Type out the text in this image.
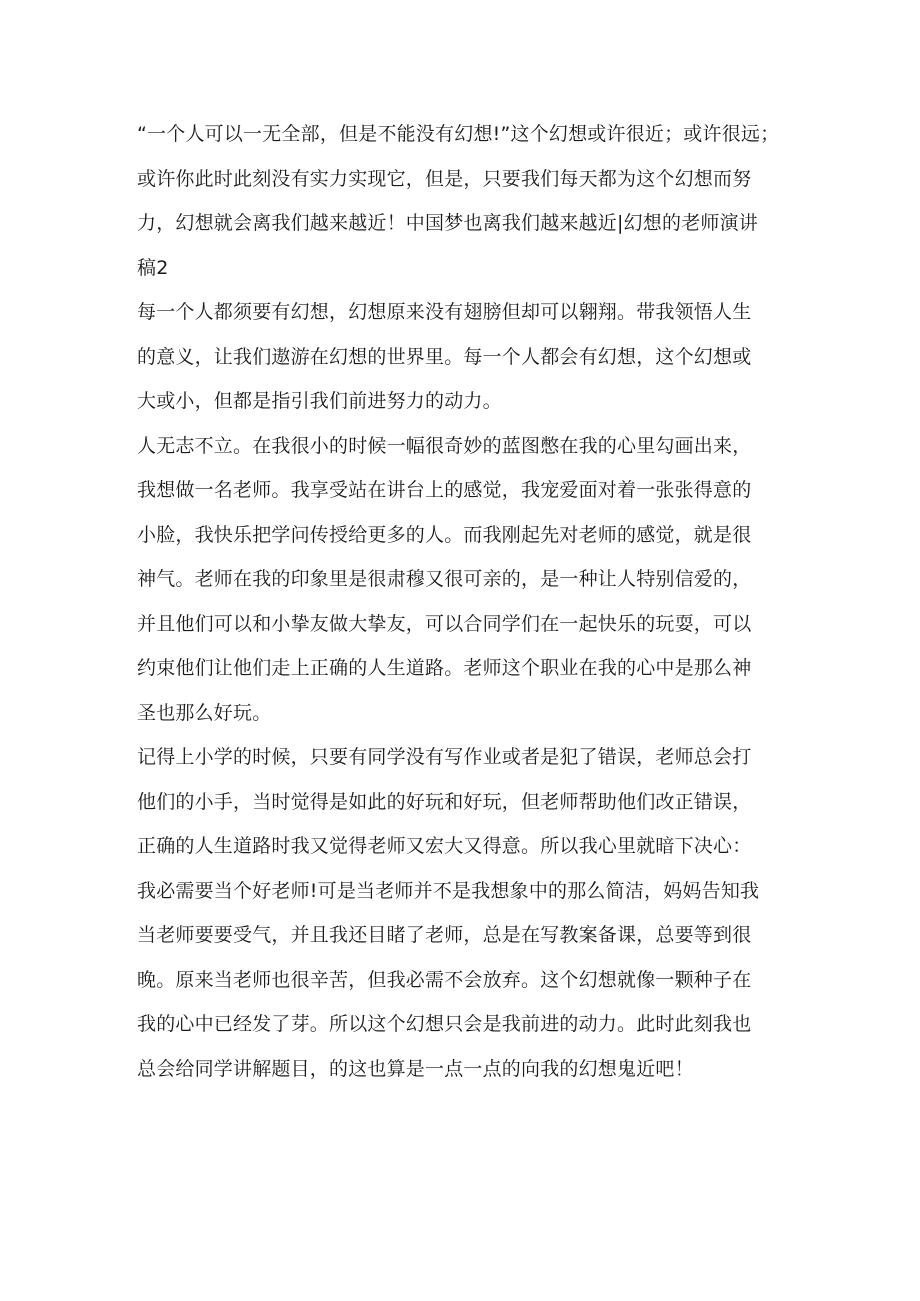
“一个人可以一无全部，但是不能没有幻想!”这个幻想或许很近；或许很远；
或许你此时此刻没有实力实现它，但是，只要我们每天都为这个幻想而努
力，幻想就会离我们越来越近！中国梦也离我们越来越近|幻想的老师演讲
稿2
每一个人都须要有幻想，幻想原来没有翅膀但却可以翱翔。带我领悟人生
的意义，让我们遨游在幻想的世界里。每一个人都会有幻想，这个幻想或
大或小，但都是指引我们前进努力的动力。
人无志不立。在我很小的时候一幅很奇妙的蓝图憋在我的心里勾画出来，
我想做一名老师。我享受站在讲台上的感觉，我宠爱面对着一张张得意的
小脸，我快乐把学问传授给更多的人。而我刚起先对老师的感觉，就是很
神气。老师在我的印象里是很肃穆又很可亲的，是一种让人特别信爱的，
并且他们可以和小挚友做大挚友，可以合同学们在一起快乐的玩耍，可以
约束他们让他们走上正确的人生道路。老师这个职业在我的心中是那么神
圣也那么好玩。
记得上小学的时候，只要有同学没有写作业或者是犯了错误，老师总会打
他们的小手，当时觉得是如此的好玩和好玩，但老师帮助他们改正错误，
正确的人生道路时我又觉得老师又宏大又得意。所以我心里就暗下决心：
我必需要当个好老师!可是当老师并不是我想象中的那么简洁，妈妈告知我
当老师要要受气，并且我还目睹了老师，总是在写教案备课，总要等到很
晚。原来当老师也很辛苦，但我必需不会放弃。这个幻想就像一颗种子在
我的心中已经发了芽。所以这个幻想只会是我前进的动力。此时此刻我也
总会给同学讲解题目，的这也算是一点一点的向我的幻想鬼近吧！
